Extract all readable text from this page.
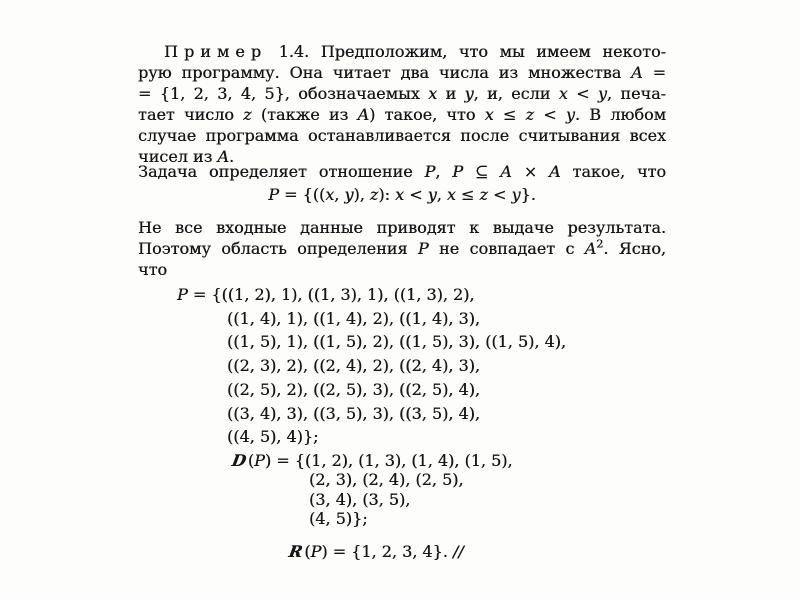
Пример 1.4. Предположим, что мы имеем некото-
рую программу. Она читает два числа из множества A =
= {1, 2, 3, 4, 5}, обозначаемых x и y, и, если x < y, печа-
тает число z (также из A) такое, что x ≤ z < y. В любом
случае программа останавливается после считывания всех
чисел из A.
Задача определяет отношение P, P ⊆ A × A такое, что
P = {((x, y), z): x < y, x ≤ z < y}.
Не все входные данные приводят к выдаче результата.
Поэтому область определения P не совпадает с $A^2$. Ясно,
что
P = {((1, 2), 1), ((1, 3), 1), ((1, 3), 2),
((1, 4), 1), ((1, 4), 2), ((1, 4), 3),
((1, 5), 1), ((1, 5), 2), ((1, 5), 3), ((1, 5), 4),
((2, 3), 2), ((2, 4), 2), ((2, 4), 3),
((2, 5), 2), ((2, 5), 3), ((2, 5), 4),
((3, 4), 3), ((3, 5), 3), ((3, 5), 4),
((4, 5), 4)};
D(P) = {(1, 2), (1, 3), (1, 4), (1, 5),
(2, 3), (2, 4), (2, 5),
(3, 4), (3, 5),
(4, 5)};
R(P) = {1, 2, 3, 4}. //
